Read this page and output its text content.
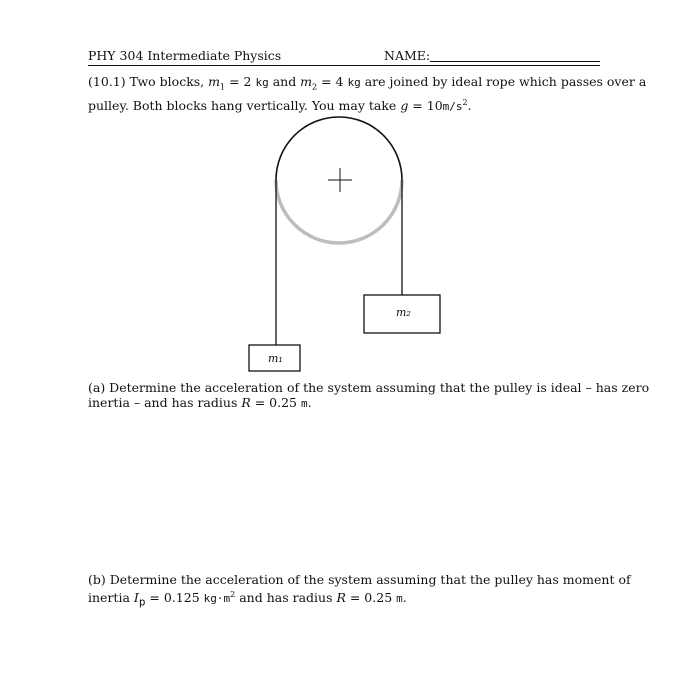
PHY 304 Intermediate Physics	NAME:
(10.1) Two blocks, $m_1 = 2$ kg and $m_2 = 4$ kg are joined by ideal rope which passes over a
pulley. Both blocks hang vertically. You may take $g = 10m/s^2$.
m₂
m₁
(a) Determine the acceleration of the system assuming that the pulley is ideal – has zero
inertia – and has radius R = 0.25 m.
(b) Determine the acceleration of the system assuming that the pulley has moment of
inertia $I_p = 0.125$ $kg\cdot m^2$ and has radius R = 0.25 m.
